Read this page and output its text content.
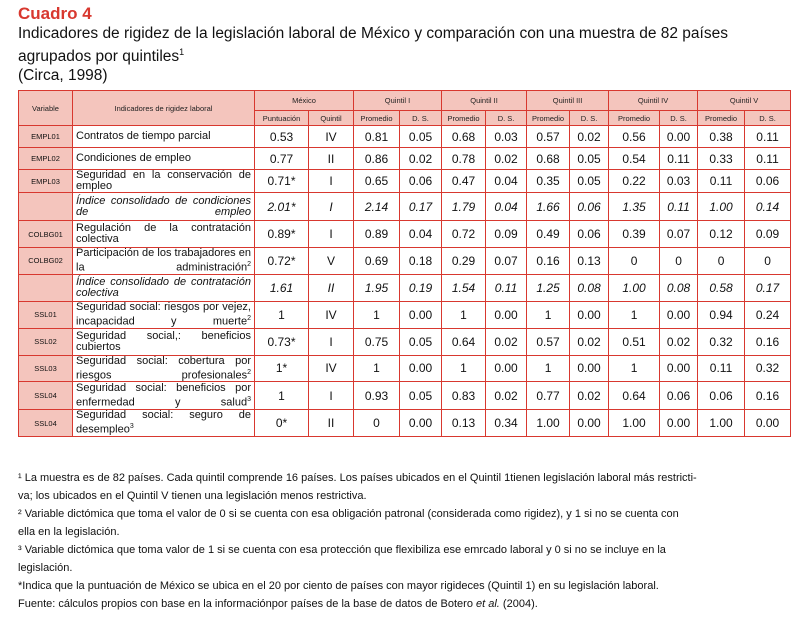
Cuadro 4
Indicadores de rigidez de la legislación laboral de México y comparación con una muestra de 82 países agrupados por quintiles$^1$
(Circa, 1998)
Variable	Indicadores de rigidez laboral	México		Quintil I		Quintil II		Quintil III		Quintil IV		Quintil V	
		Puntuación	Quintil	Promedio	D. S.	Promedio	D. S.	Promedio	D. S.	Promedio	D. S.	Promedio	D. S.
EMPL01	Contratos de tiempo parcial	0.53	IV	0.81	0.05	0.68	0.03	0.57	0.02	0.56	0.00	0.38	0.11
EMPL02	Condiciones de empleo	0.77	II	0.86	0.02	0.78	0.02	0.68	0.05	0.54	0.11	0.33	0.11
EMPL03	Seguridad en la conservación de empleo	0.71*	I	0.65	0.06	0.47	0.04	0.35	0.05	0.22	0.03	0.11	0.06
	Índice consolidado de condiciones de empleo	2.01*	I	2.14	0.17	1.79	0.04	1.66	0.06	1.35	0.11	1.00	0.14
COLBG01	Regulación de la contratación colectiva	0.89*	I	0.89	0.04	0.72	0.09	0.49	0.06	0.39	0.07	0.12	0.09
COLBG02	Participación de los trabajadores en la administración$^2$	0.72*	V	0.69	0.18	0.29	0.07	0.16	0.13	0	0	0	0
	Índice consolidado de contratación colectiva	1.61	II	1.95	0.19	1.54	0.11	1.25	0.08	1.00	0.08	0.58	0.17
SSL01	Seguridad social: riesgos por vejez, incapacidad y muerte$^2$	1	IV	1	0.00	1	0.00	1	0.00	1	0.00	0.94	0.24
SSL02	Seguridad social,: beneficios cubiertos	0.73*	I	0.75	0.05	0.64	0.02	0.57	0.02	0.51	0.02	0.32	0.16
SSL03	Seguridad social: cobertura por riesgos profesionales$^2$	1*	IV	1	0.00	1	0.00	1	0.00	1	0.00	0.11	0.32
SSL04	Seguridad social: beneficios por enfermedad y salud$^3$	1	I	0.93	0.05	0.83	0.02	0.77	0.02	0.64	0.06	0.06	0.16
SSL04	Seguridad social: seguro de desempleo$^3$	0*	II	0	0.00	0.13	0.34	1.00	0.00	1.00	0.00	1.00	0.00

¹ La muestra es de 82 países. Cada quintil comprende 16 países. Los países ubicados en el Quintil 1tienen legislación laboral más restricti-

va; los ubicados en el Quintil V tienen una legislación menos restrictiva.

² Variable dictómica que toma el valor de 0 si se cuenta con esa obligación patronal (considerada como rigidez), y 1 si no se cuenta con

ella en la legislación.

³ Variable dictómica que toma valor de 1 si se cuenta con esa protección que flexibiliza ese emrcado laboral y 0 si no se incluye en la

legislación.

*Indica que la puntuación de México se ubica en el 20 por ciento de países con mayor rigideces (Quintil 1) en su legislación laboral.

Fuente: cálculos propios con base en la informaciónpor países de la base de datos de Botero et al. (2004).
